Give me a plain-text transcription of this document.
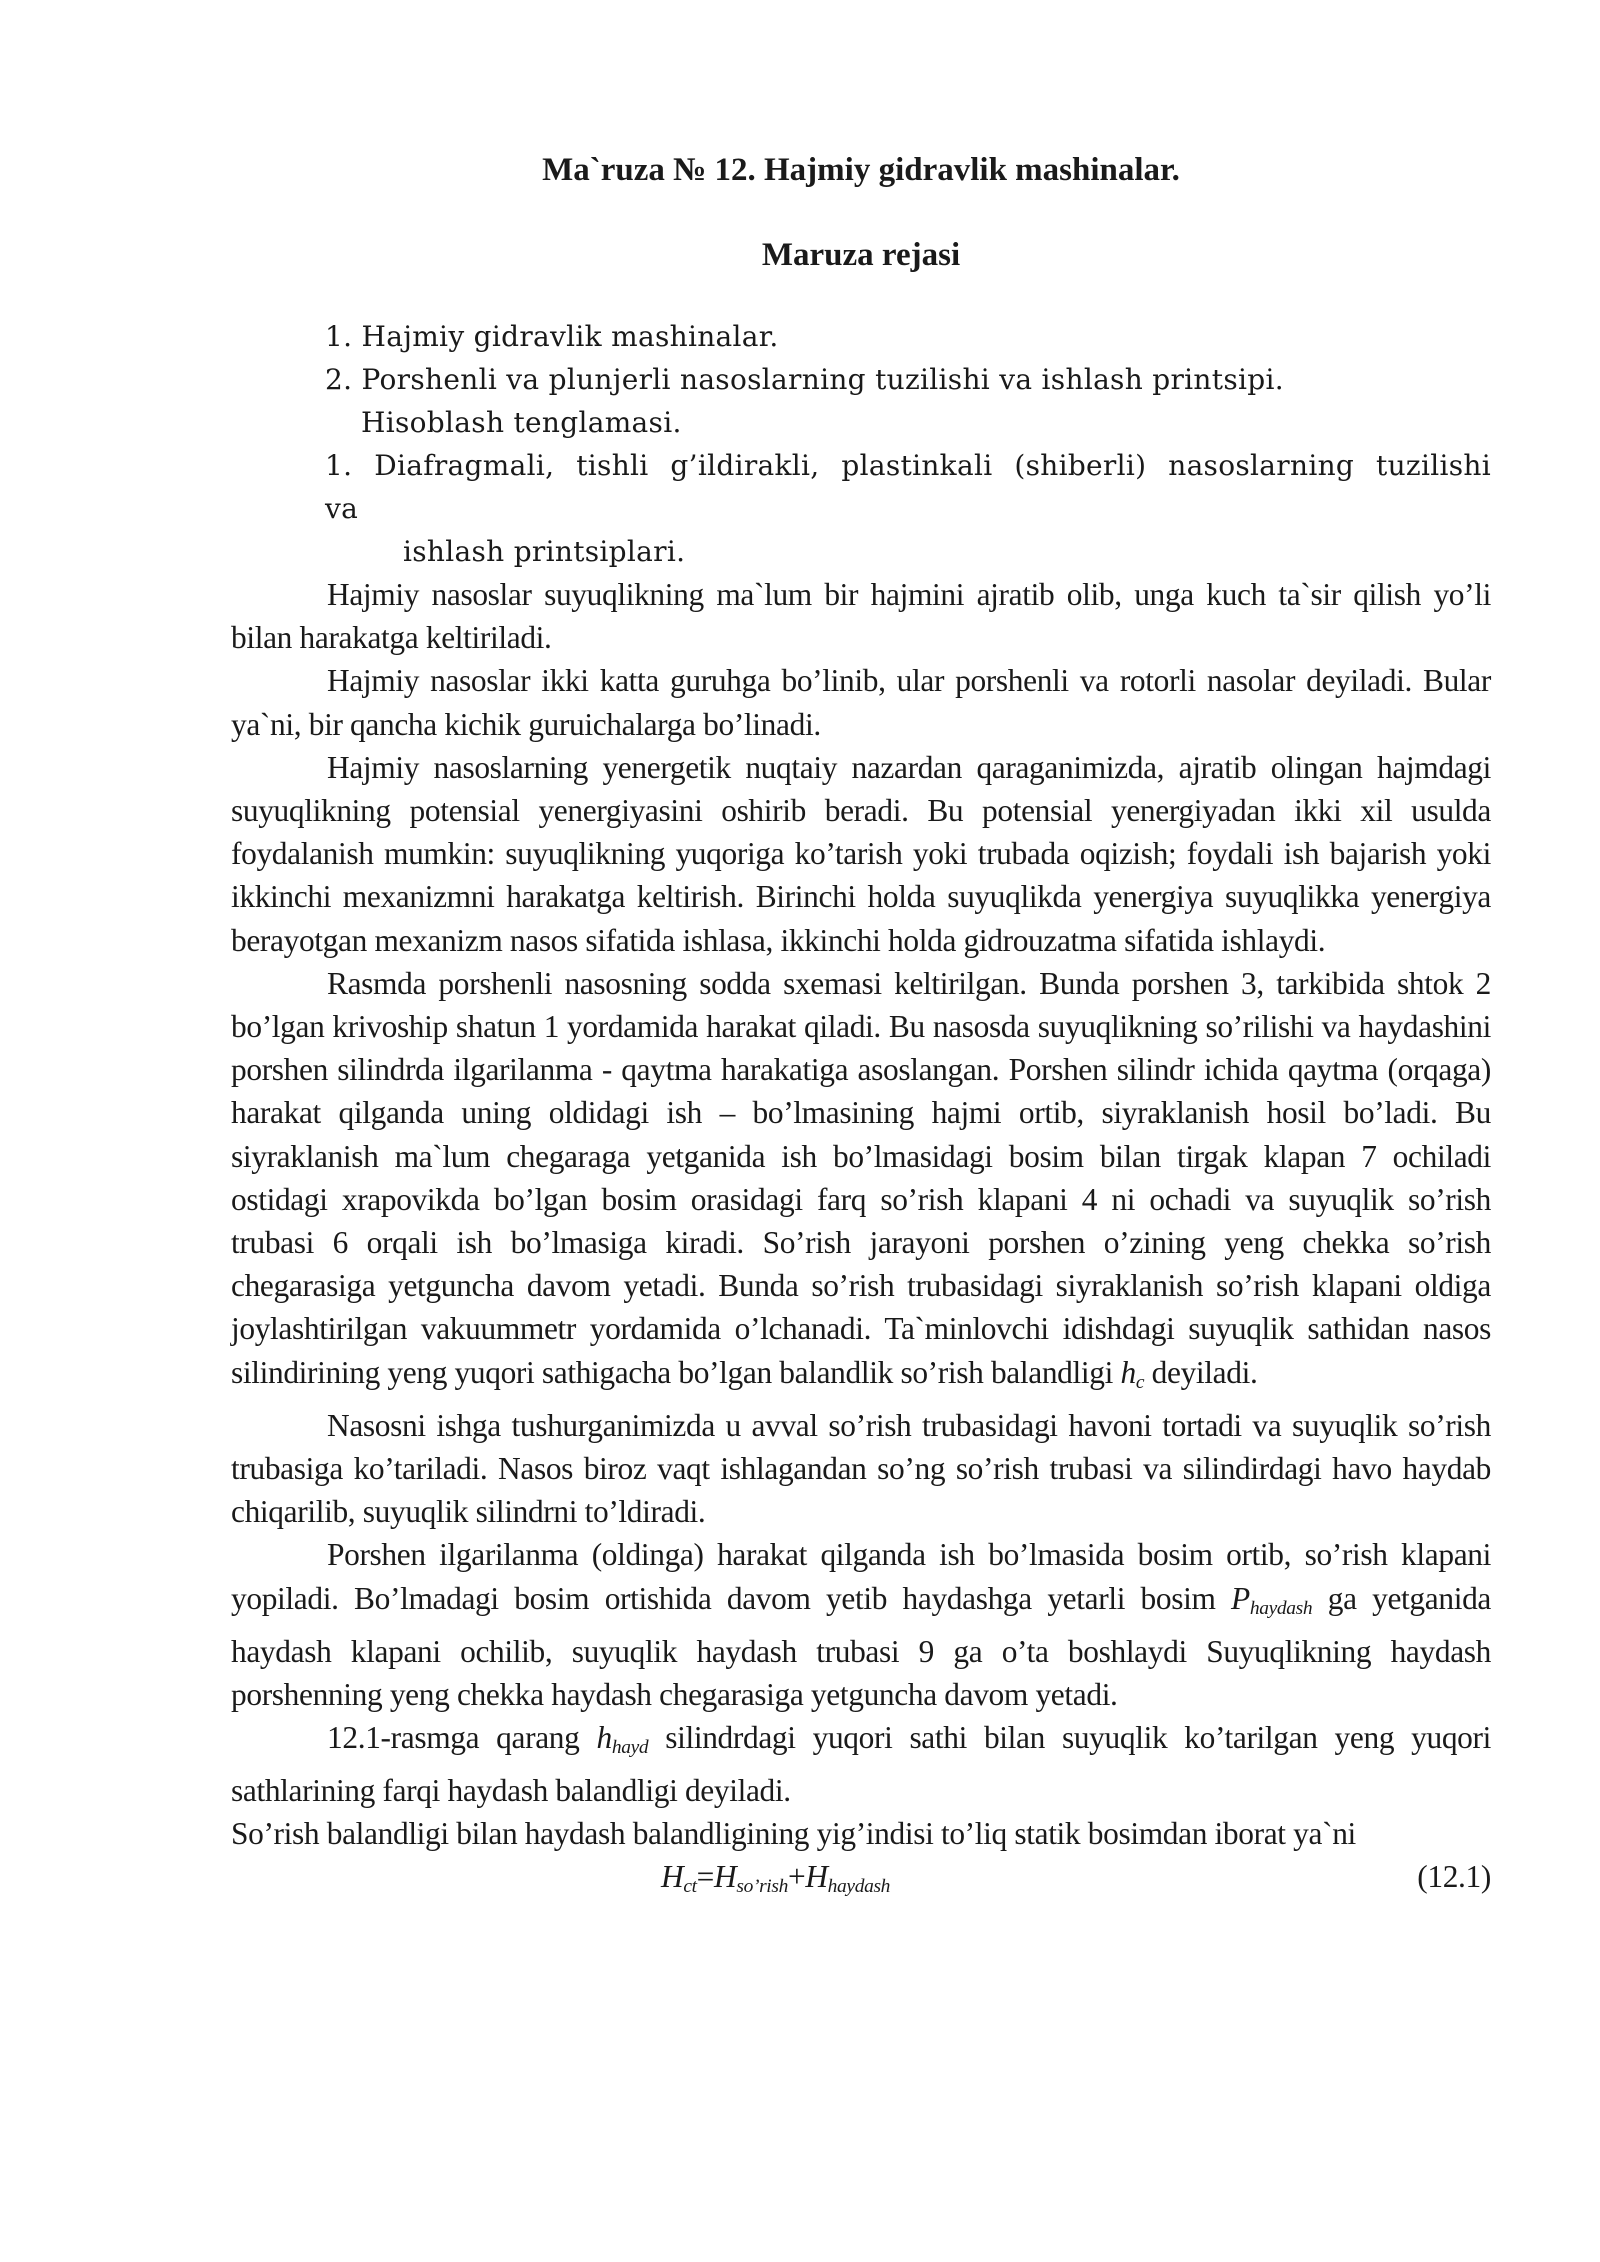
Ma`ruza № 12. Hajmiy gidravlik mashinalar.
Maruza rejasi
1. Hajmiy gidravlik mashinalar.
2. Porshenli va plunjerli nasoslarning tuzilishi va ishlash printsipi.
Hisoblash tenglamasi.
1. Diafragmali, tishli g’ildirakli, plastinkali (shiberli) nasoslarning tuzilishi
va
ishlash printsiplari.

Hajmiy nasoslar suyuqlikning ma`lum bir hajmini ajratib olib, unga kuch ta`sir qilish yo’li bilan harakatga keltiriladi.

Hajmiy nasoslar ikki katta guruhga bo’linib, ular porshenli va rotorli nasolar deyiladi. Bular ya`ni, bir qancha kichik guruichalarga bo’linadi.

Hajmiy nasoslarning yenergetik nuqtaiy nazardan qaraganimizda, ajratib olingan hajmdagi suyuqlikning potensial yenergiyasini oshirib beradi. Bu potensial yenergiyadan ikki xil usulda foydalanish mumkin: suyuqlikning yuqoriga ko’tarish yoki trubada oqizish; foydali ish bajarish yoki ikkinchi mexanizmni harakatga keltirish. Birinchi holda suyuqlikda yenergiya suyuqlikka yenergiya berayotgan mexanizm nasos sifatida ishlasa, ikkinchi holda gidrouzatma sifatida ishlaydi.

Rasmda porshenli nasosning sodda sxemasi keltirilgan. Bunda porshen 3, tarkibida shtok 2 bo’lgan krivoship shatun 1 yordamida harakat qiladi. Bu nasosda suyuqlikning so’rilishi va haydashini porshen silindrda ilgarilanma - qaytma harakatiga asoslangan. Porshen silindr ichida qaytma (orqaga) harakat qilganda uning oldidagi ish – bo’lmasining hajmi ortib, siyraklanish hosil bo’ladi. Bu siyraklanish ma`lum chegaraga yetganida ish bo’lmasidagi bosim bilan tirgak klapan 7 ochiladi ostidagi xrapovikda bo’lgan bosim orasidagi farq so’rish klapani 4 ni ochadi va suyuqlik so’rish trubasi 6 orqali ish bo’lmasiga kiradi. So’rish jarayoni porshen o’zining yeng chekka so’rish chegarasiga yetguncha davom yetadi. Bunda so’rish trubasidagi siyraklanish so’rish klapani oldiga joylashtirilgan vakuummetr yordamida o’lchanadi. Ta`minlovchi idishdagi suyuqlik sathidan nasos silindirining yeng yuqori sathigacha bo’lgan balandlik so’rish balandligi $h_c$ deyiladi.

Nasosni ishga tushurganimizda u avval so’rish trubasidagi havoni tortadi va suyuqlik so’rish trubasiga ko’tariladi. Nasos biroz vaqt ishlagandan so’ng so’rish trubasi va silindirdagi havo haydab chiqarilib, suyuqlik silindrni to’ldiradi.

Porshen ilgarilanma (oldinga) harakat qilganda ish bo’lmasida bosim ortib, so’rish klapani yopiladi. Bo’lmadagi bosim ortishida davom yetib haydashga yetarli bosim $P_{haydash}$ ga yetganida haydash klapani ochilib, suyuqlik haydash trubasi 9 ga o’ta boshlaydi Suyuqlikning haydash porshenning yeng chekka haydash chegarasiga yetguncha davom yetadi.

12.1-rasmga qarang $h_{hayd}$ silindrdagi yuqori sathi bilan suyuqlik ko’tarilgan yeng yuqori sathlarining farqi haydash balandligi deyiladi.

So’rish balandligi bilan haydash balandligining yig’indisi to’liq statik bosimdan iborat ya`ni

$H_{ct}=H_{so’rish}+H_{haydash}$	(12.1)
